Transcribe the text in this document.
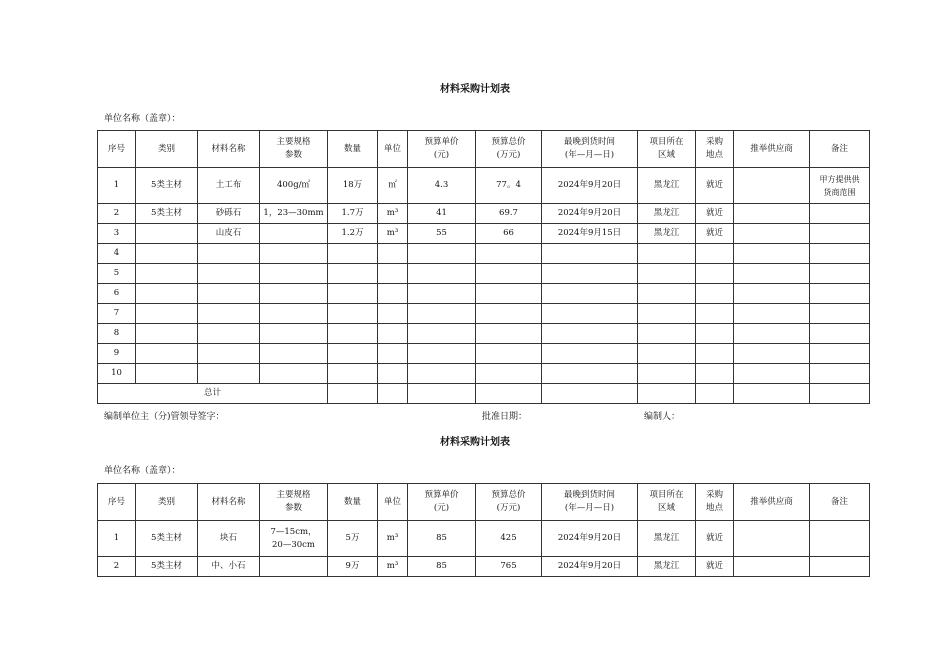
材料采购计划表
单位名称（盖章）：
序号	类别	材料名称	主要规格
参数	数量	单位	预算单价
(元)	预算总价
(万元)	最晚到货时间
(年—月—日)	项目所在
区域	采购
地点	推举供应商	备注
1	5类主材	土工布	400g/㎡	18万	㎡	4.3	77。4	2024年9月20日	黑龙江	就近		甲方提供供
货商范围

2	5类主材	砂砾石	1，23—30mm	1.7万	m³	41	69.7	2024年9月20日	黑龙江	就近		
3		山皮石		1.2万	m³	55	66	2024年9月15日	黑龙江	就近		
4												
5												
6												
7												
8												
9												
10												
总计												
编制单位主（分)管领导签字：	批准日期：	编制人：
材料采购计划表
单位名称（盖章）：
序号	类别	材料名称	主要规格
参数	数量	单位	预算单价
(元)	预算总价
(万元)	最晚到货时间
(年—月—日)	项目所在
区域	采购
地点	推举供应商	备注
1	5类主材	块石	7—15cm，
20—30cm	5万	m³	85	425	2024年9月20日	黑龙江	就近		
2	5类主材	中、小石		9万	m³	85	765	2024年9月20日	黑龙江	就近		
